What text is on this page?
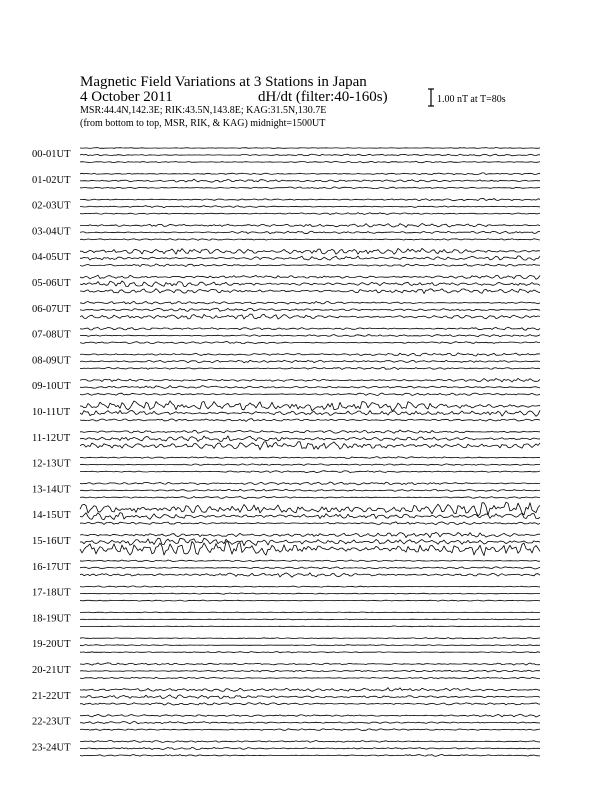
Magnetic Field Variations at 3 Stations in Japan
4 October 2011	dH/dt (filter:40-160s)
MSR:44.4N,142.3E; RIK:43.5N,143.8E; KAG:31.5N,130.7E
(from bottom to top, MSR, RIK, & KAG) midnight=1500UT
1.00 nT at T=80s
00-01UT
01-02UT
02-03UT
03-04UT
04-05UT
05-06UT
06-07UT
07-08UT
08-09UT
09-10UT
10-11UT
11-12UT
12-13UT
13-14UT
14-15UT
15-16UT
16-17UT
17-18UT
18-19UT
19-20UT
20-21UT
21-22UT
22-23UT
23-24UT
